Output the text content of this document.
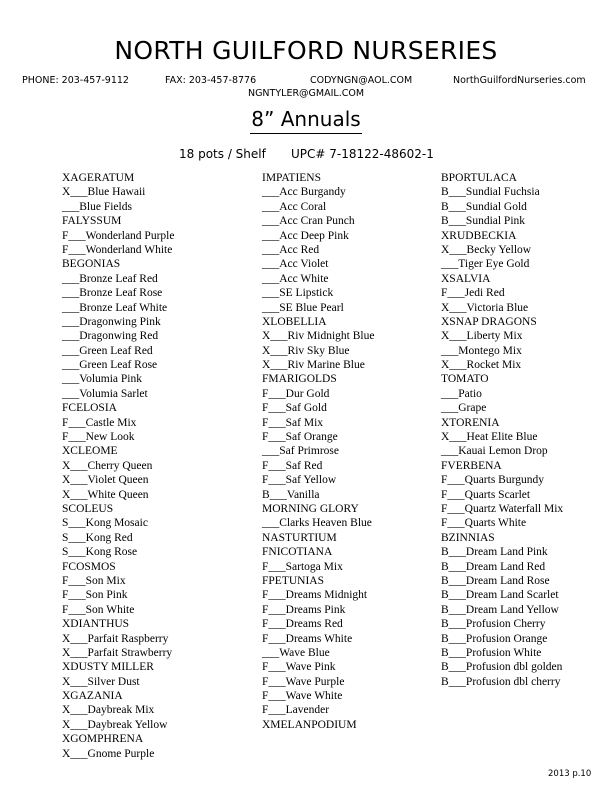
NORTH GUILFORD NURSERIES
PHONE: 203-457-9112	FAX: 203-457-8776	CODYNGN@AOL.COM	NorthGuilfordNurseries.com
NGNTYLER@GMAIL.COM
8” Annuals
18 pots / Shelf UPC# 7-18122-48602-1
XAGERATUM
X___Blue Hawaii
___Blue Fields
FALYSSUM
F___Wonderland Purple
F___Wonderland White
BEGONIAS
___Bronze Leaf Red
___Bronze Leaf Rose
___Bronze Leaf White
___Dragonwing Pink
___Dragonwing Red
___Green Leaf Red
___Green Leaf Rose
___Volumia Pink
___Volumia Sarlet
FCELOSIA
F___Castle Mix
F___New Look
XCLEOME
X___Cherry Queen
X___Violet Queen
X___White Queen
SCOLEUS
S___Kong Mosaic
S___Kong Red
S___Kong Rose
FCOSMOS
F___Son Mix
F___Son Pink
F___Son White
XDIANTHUS
X___Parfait Raspberry
X___Parfait Strawberry
XDUSTY MILLER
X___Silver Dust
XGAZANIA
X___Daybreak Mix
X___Daybreak Yellow
XGOMPHRENA
X___Gnome Purple
IMPATIENS
___Acc Burgandy
___Acc Coral
___Acc Cran Punch
___Acc Deep Pink
___Acc Red
___Acc Violet
___Acc White
___SE Lipstick
___SE Blue Pearl
XLOBELLIA
X___Riv Midnight Blue
X___Riv Sky Blue
X___Riv Marine Blue
FMARIGOLDS
F___Dur Gold
F___Saf Gold
F___Saf Mix
F___Saf Orange
___Saf Primrose
F___Saf Red
F___Saf Yellow
B___Vanilla
MORNING GLORY
___Clarks Heaven Blue
NASTURTIUM
FNICOTIANA
F___Sartoga Mix
FPETUNIAS
F___Dreams Midnight
F___Dreams Pink
F___Dreams Red
F___Dreams White
___Wave Blue
F___Wave Pink
F___Wave Purple
F___Wave White
F___Lavender
XMELANPODIUM
BPORTULACA
B___Sundial Fuchsia
B___Sundial Gold
B___Sundial Pink
XRUDBECKIA
X___Becky Yellow
___Tiger Eye Gold
XSALVIA
F___Jedi Red
X___Victoria Blue
XSNAP DRAGONS
X___Liberty Mix
___Montego Mix
X___Rocket Mix
TOMATO
___Patio
___Grape
XTORENIA
X___Heat Elite Blue
___Kauai Lemon Drop
FVERBENA
F___Quarts Burgundy
F___Quarts Scarlet
F___Quartz Waterfall Mix
F___Quarts White
BZINNIAS
B___Dream Land Pink
B___Dream Land Red
B___Dream Land Rose
B___Dream Land Scarlet
B___Dream Land Yellow
B___Profusion Cherry
B___Profusion Orange
B___Profusion White
B___Profusion dbl golden
B___Profusion dbl cherry
2013 p.10
